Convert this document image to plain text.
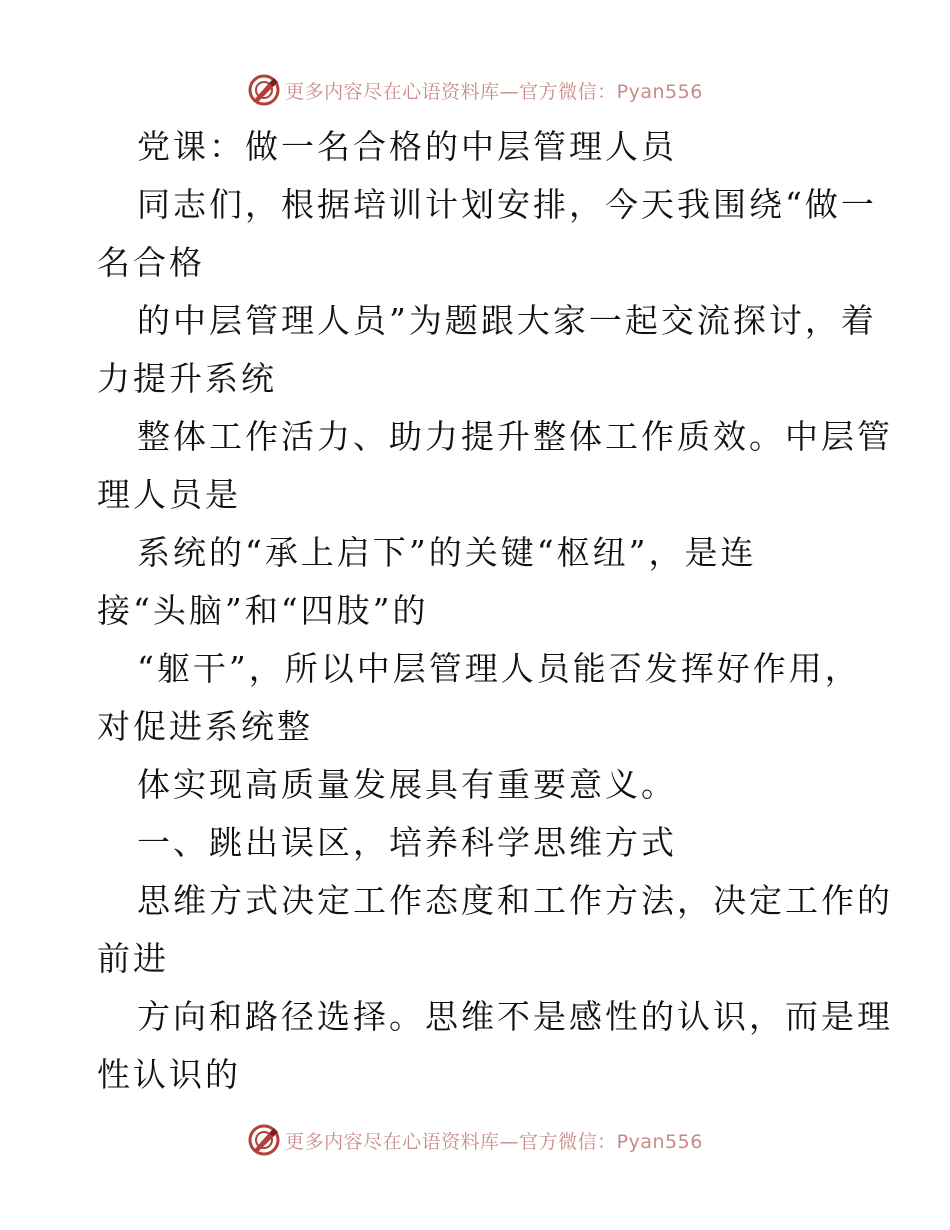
更多内容尽在心语资料库—官方微信：Pyan556
党课：做一名合格的中层管理人员
同志们，根据培训计划安排，今天我围绕“做一
名合格
的中层管理人员”为题跟大家一起交流探讨，着
力提升系统
整体工作活力、助力提升整体工作质效。中层管
理人员是
系统的“承上启下”的关键“枢纽”，是连
接“头脑”和“四肢”的
“躯干”，所以中层管理人员能否发挥好作用，
对促进系统整
体实现高质量发展具有重要意义。
一、跳出误区，培养科学思维方式
思维方式决定工作态度和工作方法，决定工作的
前进
方向和路径选择。思维不是感性的认识，而是理
性认识的
更多内容尽在心语资料库—官方微信：Pyan556
